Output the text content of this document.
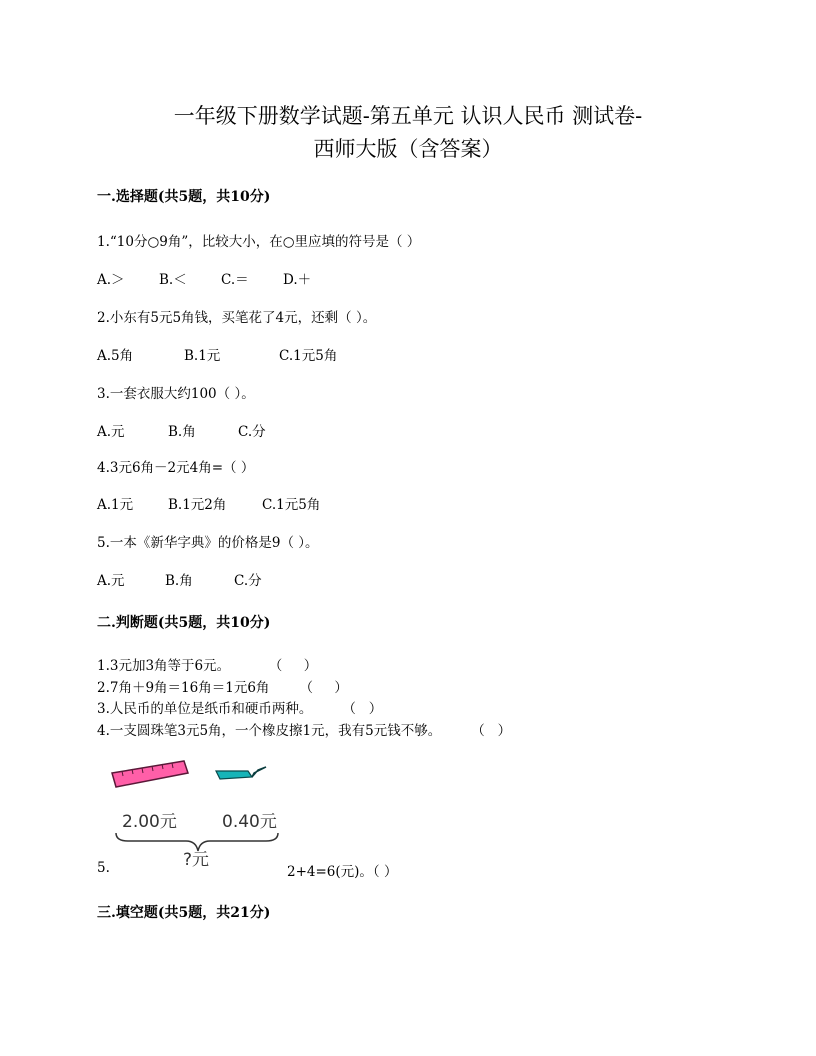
一年级下册数学试题-第五单元 认识人民币 测试卷-
西师大版（含答案）
一.选择题(共5题，共10分)
1.“10分○9角”，比较大小，在○里应填的符号是（ ）
A.＞	B.＜	C.＝	D.＋
2.小东有5元5角钱，买笔花了4元，还剩（ ）。
A.5角	B.1元	C.1元5角
3.一套衣服大约100（ ）。
A.元	B.角	C.分
4.3元6角－2元4角=（ ）
A.1元	B.1元2角	C.1元5角
5.一本《新华字典》的价格是9（ ）。
A.元	B.角	C.分
二.判断题(共5题，共10分)
1.3元加3角等于6元。         （     ）
2.7角＋9角＝16角＝1元6角       （     ）
3.人民币的单位是纸币和硬币两种。       （   ）
4.一支圆珠笔3元5角，一个橡皮擦1元，我有5元钱不够。       （   ）
2.00元	0.40元
?元
5.	2+4=6(元)。（ ）
三.填空题(共5题，共21分)
